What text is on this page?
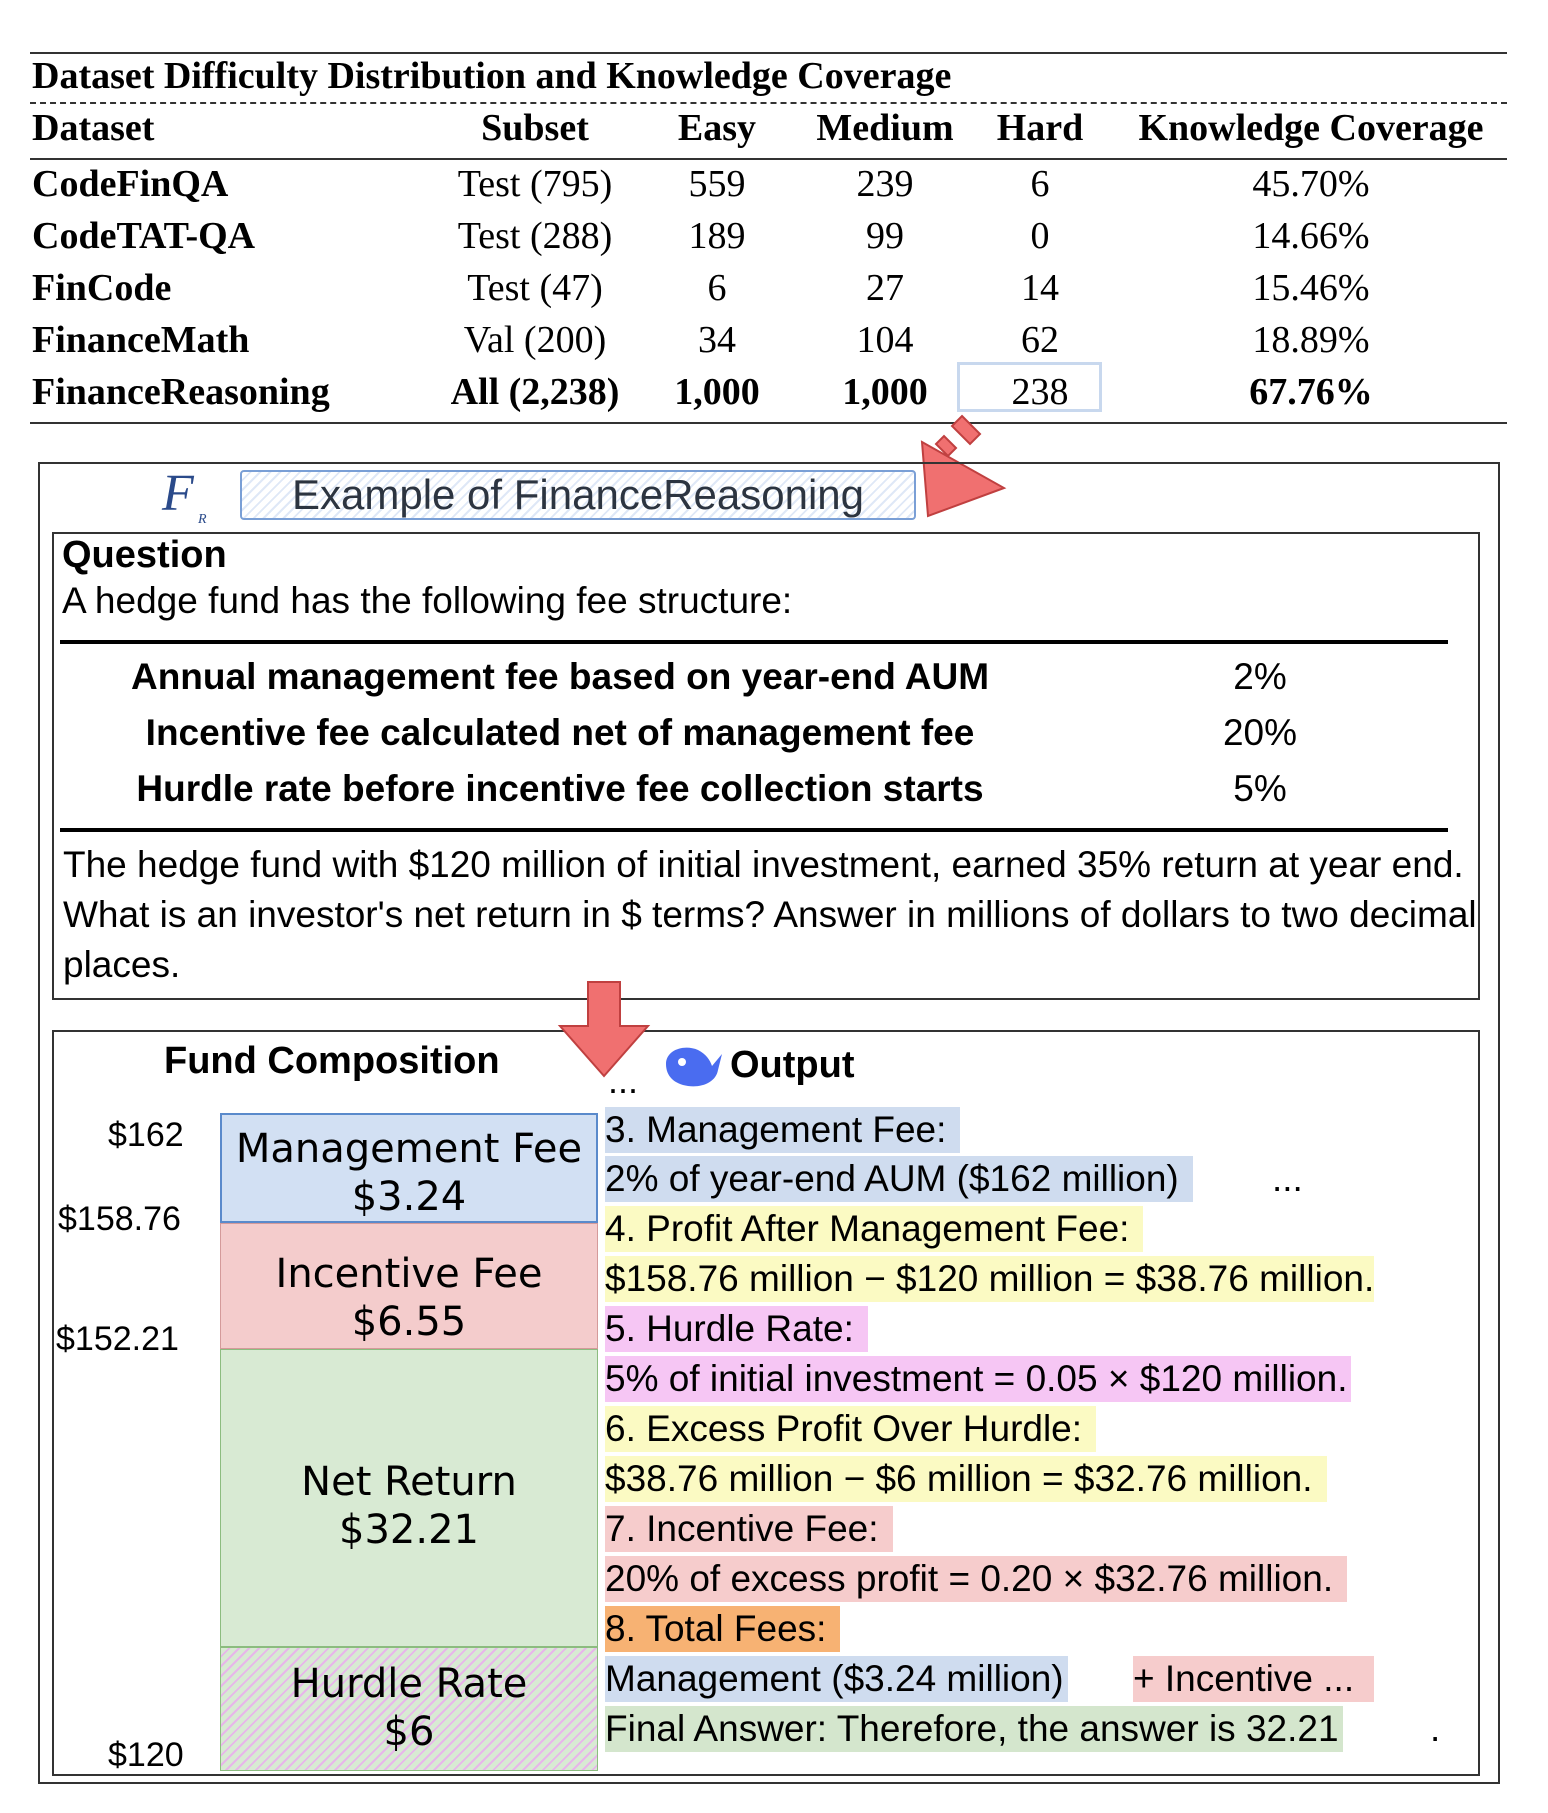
Dataset Difficulty Distribution and Knowledge Coverage
Dataset	Subset	Easy	Medium	Hard	Knowledge Coverage
CodeFinQA	Test (795)	559	239	6	45.70%
CodeTAT-QA	Test (288)	189	99	0	14.66%
FinCode	Test (47)	6	27	14	15.46%
FinanceMath	Val (200)	34	104	62	18.89%
FinanceReasoning	All (2,238)	1,000	1,000	238	67.76%
F R
Example of FinanceReasoning
Question
A hedge fund has the following fee structure:
Annual management fee based on year-end AUM	2%
Incentive fee calculated net of management fee	20%
Hurdle rate before incentive fee collection starts	5%
The hedge fund with $120 million of initial investment, earned 35% return at year end. What is an investor's net return in $ terms? Answer in millions of dollars to two decimal places.
Fund Composition	Output
...
$162
$158.76
$152.21
$120
Management Fee
$3.24
Incentive Fee
$6.55
Net Return
$32.21
Hurdle Rate
$6
3. Management Fee:
2% of year-end AUM ($162 million)	...
4. Profit After Management Fee:
$158.76 million − $120 million = $38.76 million.
5. Hurdle Rate:
5% of initial investment = 0.05 × $120 million.
6. Excess Profit Over Hurdle:
$38.76 million − $6 million = $32.76 million.
7. Incentive Fee:
20% of excess profit = 0.20 × $32.76 million.
8. Total Fees:
Management ($3.24 million) + Incentive ...
Final Answer: Therefore, the answer is 32.21 .
